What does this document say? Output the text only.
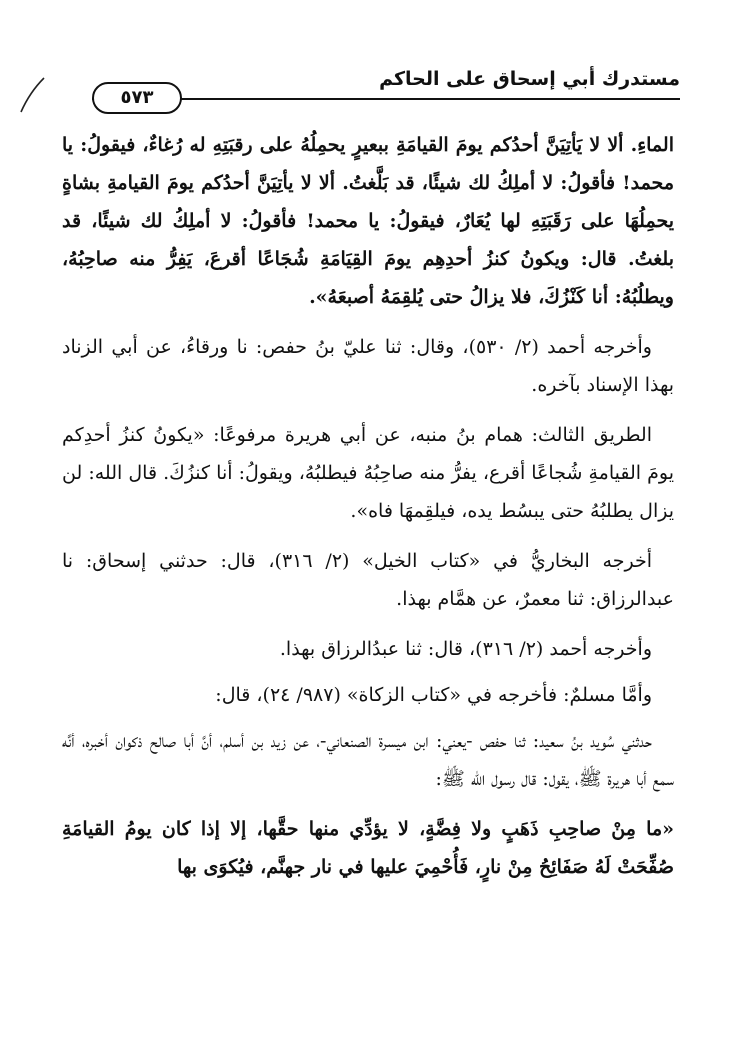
مستدرك أبي إسحاق على الحاكم
٥٧٣

الماءِ. ألا لا يَأتِيَنَّ أحدُكم يومَ القيامَةِ ببعيرٍ يحمِلُهُ على رقبَتِهِ له رُغاءٌ، فيقولُ: يا محمد! فأقولُ: لا أملِكُ لك شيئًا، قد بَلَّغتُ. ألا لا يأتِيَنَّ أحدُكم يومَ القيامةِ بشاةٍ يحمِلُهَا على رَقَبَتِهِ لها يُعَارٌ، فيقولُ: يا محمد! فأقولُ: لا أملِكُ لك شيئًا، قد بلغتُ. قال: ويكونُ كنزُ أحدِهِم يومَ القِيَامَةِ شُجَاعًا أقرعَ، يَفِرُّ منه صاحِبُهُ، ويطلُبُهُ: أنا كَنْزُكَ، فلا يزالُ حتى يُلقِمَهُ أصبعَهُ».

وأخرجه أحمد (٢/ ٥٣٠)، وقال: ثنا عليّ بنُ حفص: نا ورقاءُ، عن أبي الزناد بهذا الإسناد بآخره.

الطريق الثالث: همام بنُ منبه، عن أبي هريرة مرفوعًا: «يكونُ كنزُ أحدِكم يومَ القيامةِ شُجاعًا أقرع، يفرُّ منه صاحِبُهُ فيطلبُهُ، ويقولُ: أنا كنزُكَ. قال الله: لن يزال يطلبُهُ حتى يبسُط يده، فيلقِمهَا فاه».

أخرجه البخاريُّ في «كتاب الخيل» (٢/ ٣١٦)، قال: حدثني إسحاق: نا عبدالرزاق: ثنا معمرٌ، عن همَّام بهذا.

وأخرجه أحمد (٢/ ٣١٦)، قال: ثنا عبدُالرزاق بهذا.

وأمَّا مسلمٌ: فأخرجه في «كتاب الزكاة» (٩٨٧/ ٢٤)، قال:

حدثني سُويد بنُ سعيد: ثنا حفص -يعني: ابن ميسرة الصنعاني-، عن زيد بن أسلم، أنَّ أبا صالح ذكوان أخبره، أنَّه سمع أبا هريرة ﷺ، يقول: قال رسول الله ﷺ:

«ما مِنْ صاحِبِ ذَهَبٍ ولا فِضَّةٍ، لا يؤدِّي منها حقَّها، إلا إذا كان يومُ القيامَةِ صُفِّحَتْ لَهُ صَفَائِحُ مِنْ نارٍ، فَأُحْمِيَ عليها في نار جهنَّم، فيُكوَى بها
